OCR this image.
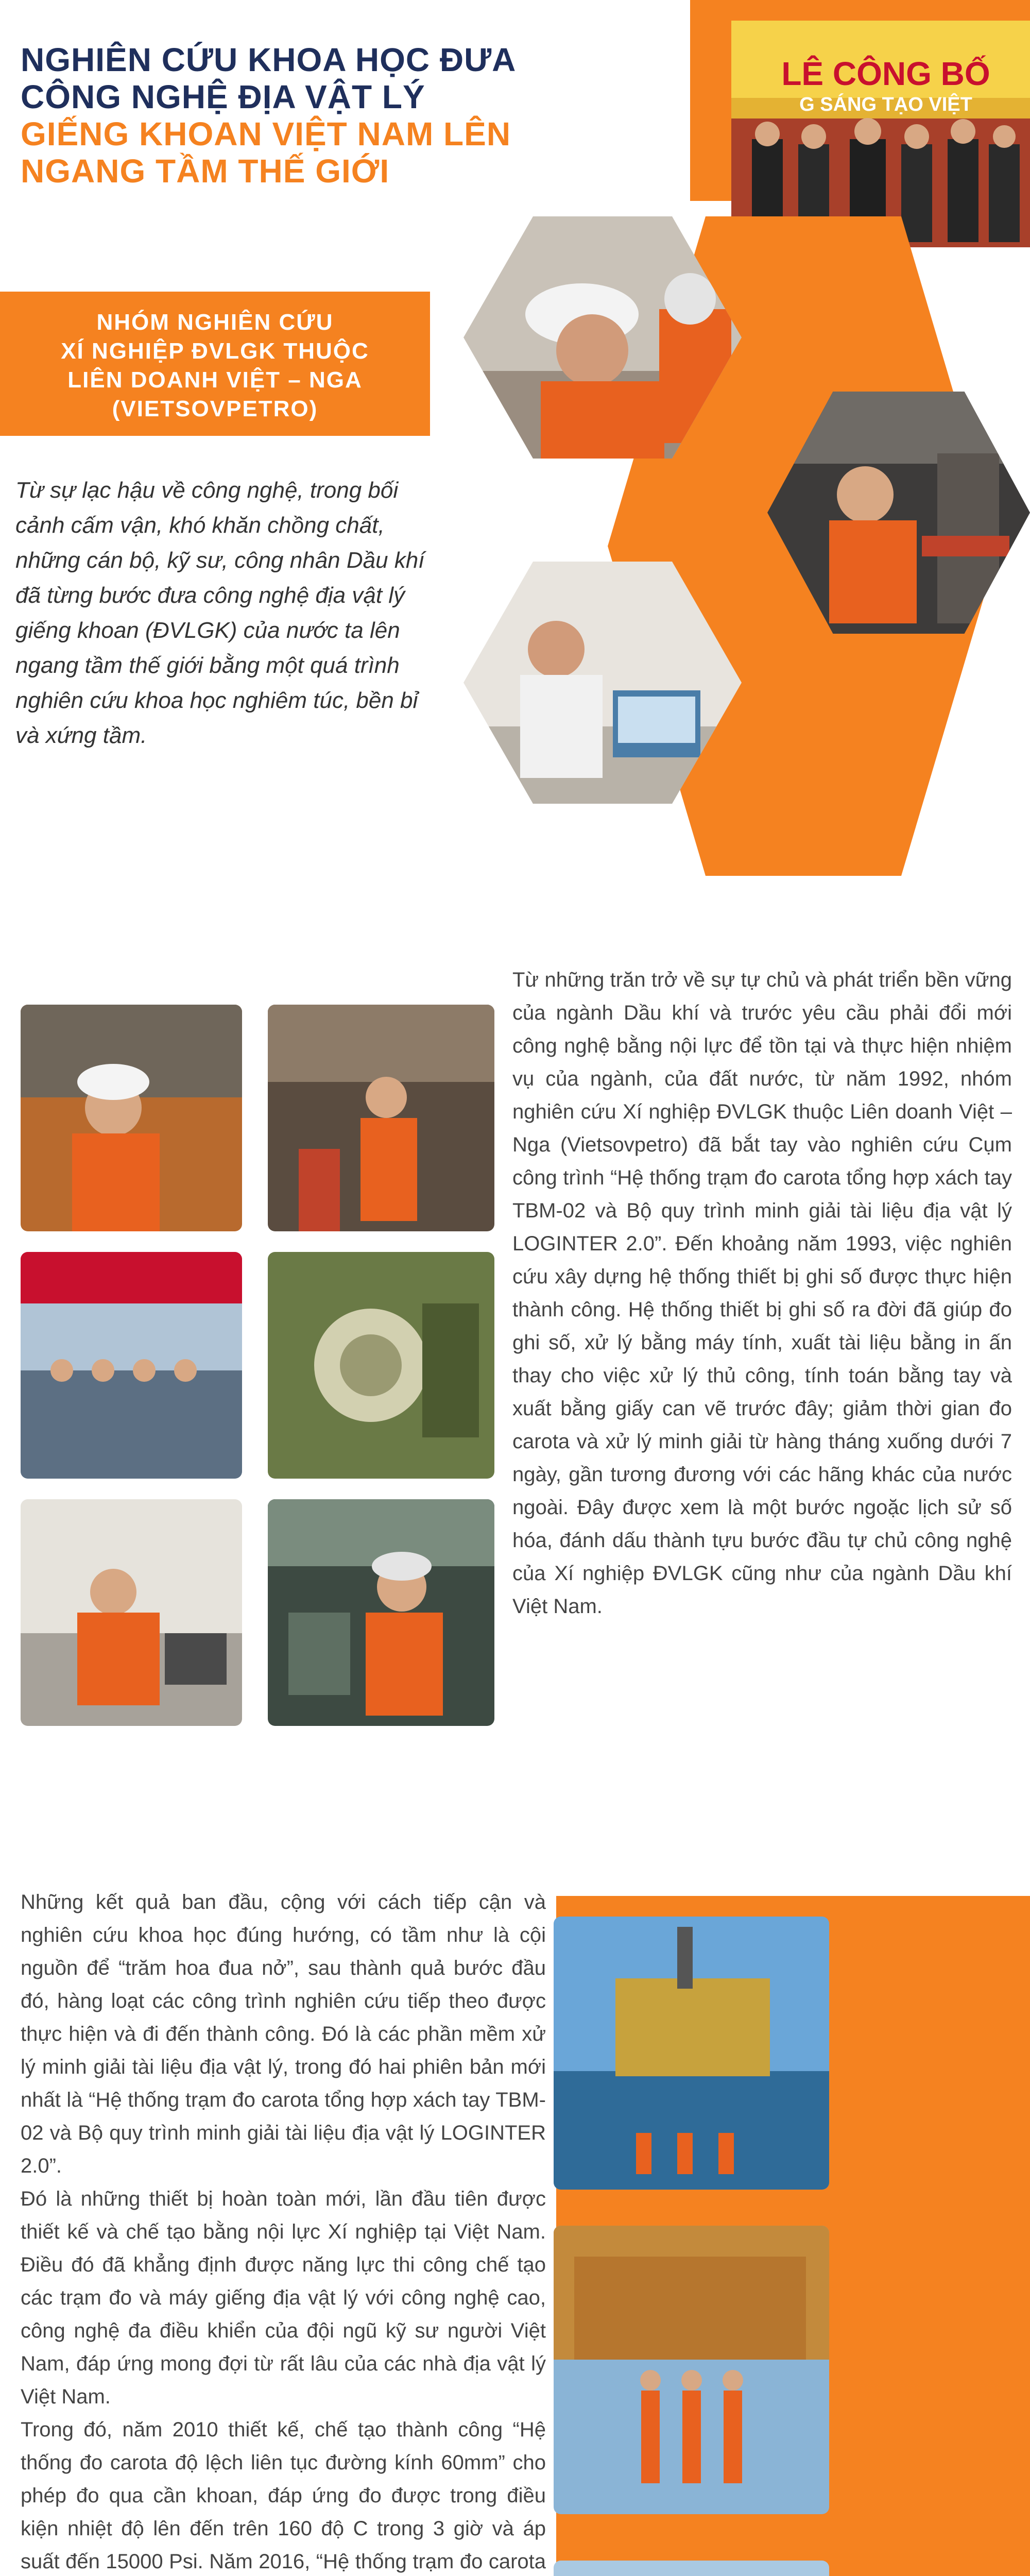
LÊ CÔNG BỐ
G SÁNG TẠO VIỆT
NGHIÊN CỨU KHOA HỌC ĐƯA
CÔNG NGHỆ ĐỊA VẬT LÝ
GIẾNG KHOAN VIỆT NAM LÊN
NGANG TẦM THẾ GIỚI
NHÓM NGHIÊN CỨU
XÍ NGHIỆP ĐVLGK THUỘC
LIÊN DOANH VIỆT – NGA
(VIETSOVPETRO)
Từ sự lạc hậu về công nghệ, trong bối cảnh cấm vận, khó khăn chồng chất, những cán bộ, kỹ sư, công nhân Dầu khí đã từng bước đưa công nghệ địa vật lý giếng khoan (ĐVLGK) của nước ta lên ngang tầm thế giới bằng một quá trình nghiên cứu khoa học nghiêm túc, bền bỉ và xứng tầm.
Từ những trăn trở về sự tự chủ và phát triển bền vững của ngành Dầu khí và trước yêu cầu phải đổi mới công nghệ bằng nội lực để tồn tại và thực hiện nhiệm vụ của ngành, của đất nước, từ năm 1992, nhóm nghiên cứu Xí nghiệp ĐVLGK thuộc Liên doanh Việt – Nga (Vietsovpetro) đã bắt tay vào nghiên cứu Cụm công trình “Hệ thống trạm đo carota tổng hợp xách tay TBM-02 và Bộ quy trình minh giải tài liệu địa vật lý LOGINTER 2.0”. Đến khoảng năm 1993, việc nghiên cứu xây dựng hệ thống thiết bị ghi số được thực hiện thành công. Hệ thống thiết bị ghi số ra đời đã giúp đo ghi số, xử lý bằng máy tính, xuất tài liệu bằng in ấn thay cho việc xử lý thủ công, tính toán bằng tay và xuất bằng giấy can vẽ trước đây; giảm thời gian đo carota và xử lý minh giải từ hàng tháng xuống dưới 7 ngày, gần tương đương với các hãng khác của nước ngoài. Đây được xem là một bước ngoặc lịch sử số hóa, đánh dấu thành tựu bước đầu tự chủ công nghệ của Xí nghiệp ĐVLGK cũng như của ngành Dầu khí Việt Nam.
Những kết quả ban đầu, cộng với cách tiếp cận và nghiên cứu khoa học đúng hướng, có tầm như là cội nguồn để “trăm hoa đua nở”, sau thành quả bước đầu đó, hàng loạt các công trình nghiên cứu tiếp theo được thực hiện và đi đến thành công. Đó là các phần mềm xử lý minh giải tài liệu địa vật lý, trong đó hai phiên bản mới nhất là “Hệ thống trạm đo carota tổng hợp xách tay TBM-02 và Bộ quy trình minh giải tài liệu địa vật lý LOGINTER 2.0”.
Đó là những thiết bị hoàn toàn mới, lần đầu tiên được thiết kế và chế tạo bằng nội lực Xí nghiệp tại Việt Nam. Điều đó đã khẳng định được năng lực thi công chế tạo các trạm đo và máy giếng địa vật lý với công nghệ cao, công nghệ đa điều khiển của đội ngũ kỹ sư người Việt Nam, đáp ứng mong đợi từ rất lâu của các nhà địa vật lý Việt Nam.
Trong đó, năm 2010 thiết kế, chế tạo thành công “Hệ thống đo carota độ lệch liên tục đường kính 60mm” cho phép đo qua cần khoan, đáp ứng đo được trong điều kiện nhiệt độ lên đến trên 160 độ C trong 3 giờ và áp suất đến 15000 Psi. Năm 2016, “Hệ thống trạm đo carota
